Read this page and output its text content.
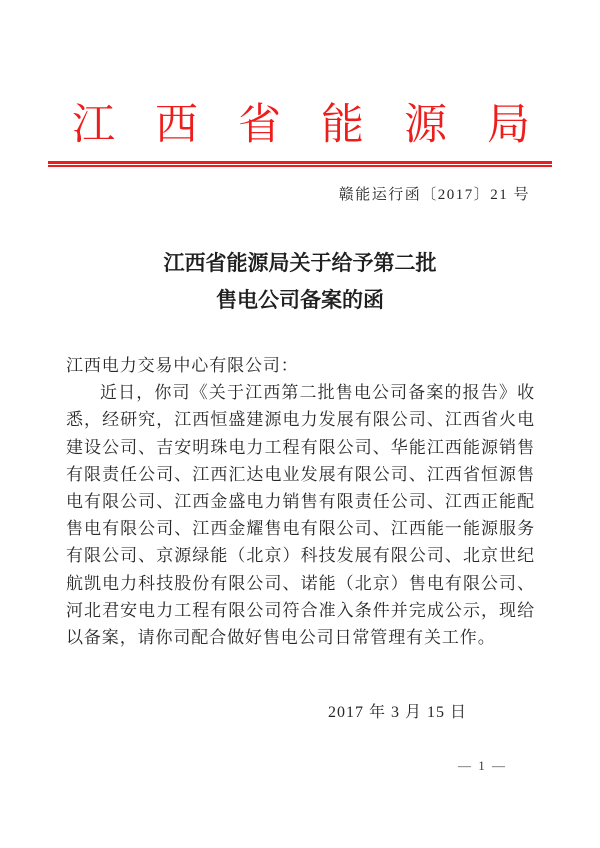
江 西 省 能 源 局
赣能运行函〔2017〕21 号
江西省能源局关于给予第二批
售电公司备案的函

江西电力交易中心有限公司：

近日，你司《关于江西第二批售电公司备案的报告》收悉，经研究，江西恒盛建源电力发展有限公司、江西省火电建设公司、吉安明珠电力工程有限公司、华能江西能源销售有限责任公司、江西汇达电业发展有限公司、江西省恒源售电有限公司、江西金盛电力销售有限责任公司、江西正能配售电有限公司、江西金耀售电有限公司、江西能一能源服务有限公司、京源绿能（北京）科技发展有限公司、北京世纪航凯电力科技股份有限公司、诺能（北京）售电有限公司、河北君安电力工程有限公司符合准入条件并完成公示，现给以备案，请你司配合做好售电公司日常管理有关工作。

2017 年 3 月 15 日
— 1 —
